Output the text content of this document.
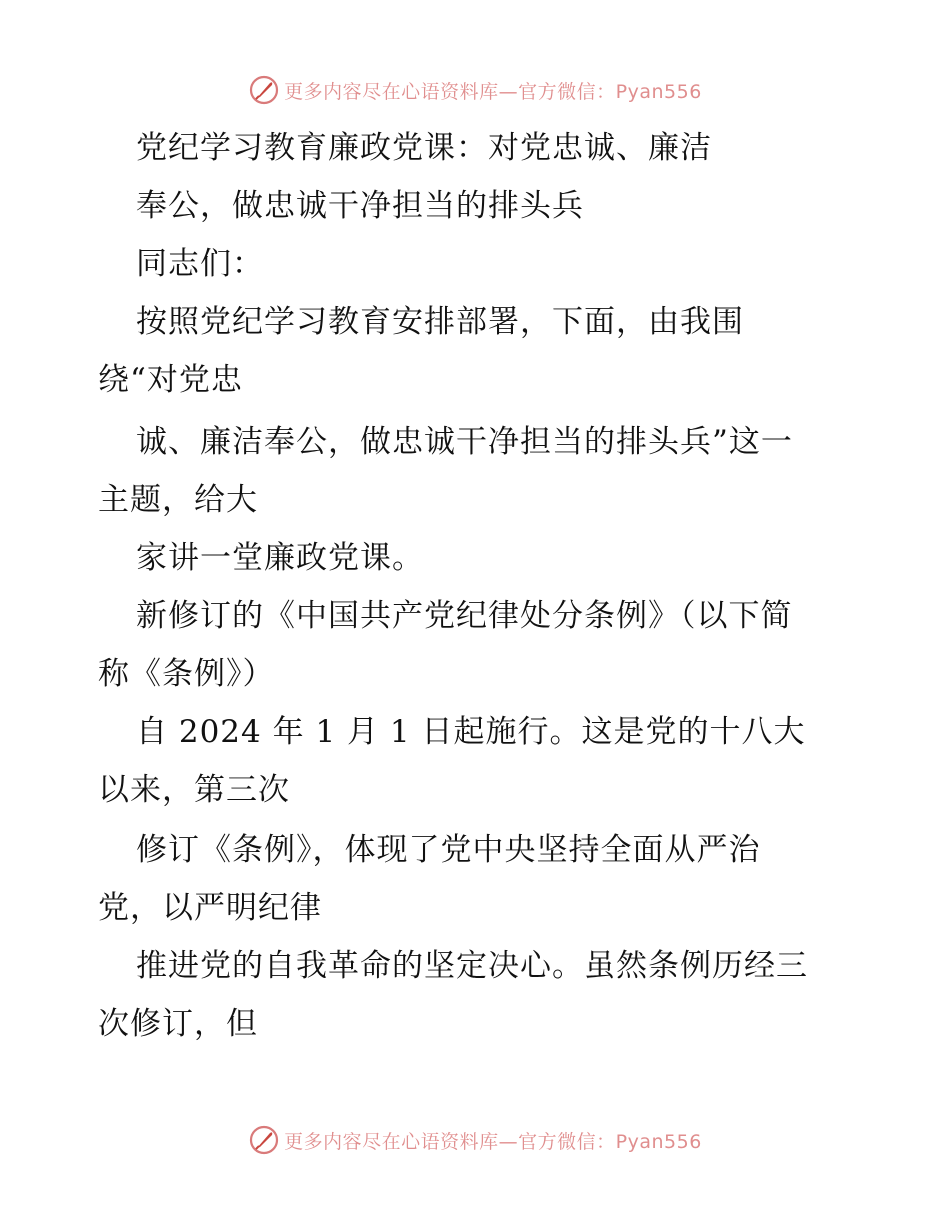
更多内容尽在心语资料库—官方微信：Pyan556
党纪学习教育廉政党课：对党忠诚、廉洁
奉公，做忠诚干净担当的排头兵
同志们：
按照党纪学习教育安排部署，下面，由我围
绕“对党忠
诚、廉洁奉公，做忠诚干净担当的排头兵”这一
主题，给大
家讲一堂廉政党课。
新修订的《中国共产党纪律处分条例》（以下简
称《条例》）
自 2024 年 1 月 1 日起施行。这是党的十八大
以来，第三次
修订《条例》，体现了党中央坚持全面从严治
党，以严明纪律
推进党的自我革命的坚定决心。虽然条例历经三
次修订，但
更多内容尽在心语资料库—官方微信：Pyan556
